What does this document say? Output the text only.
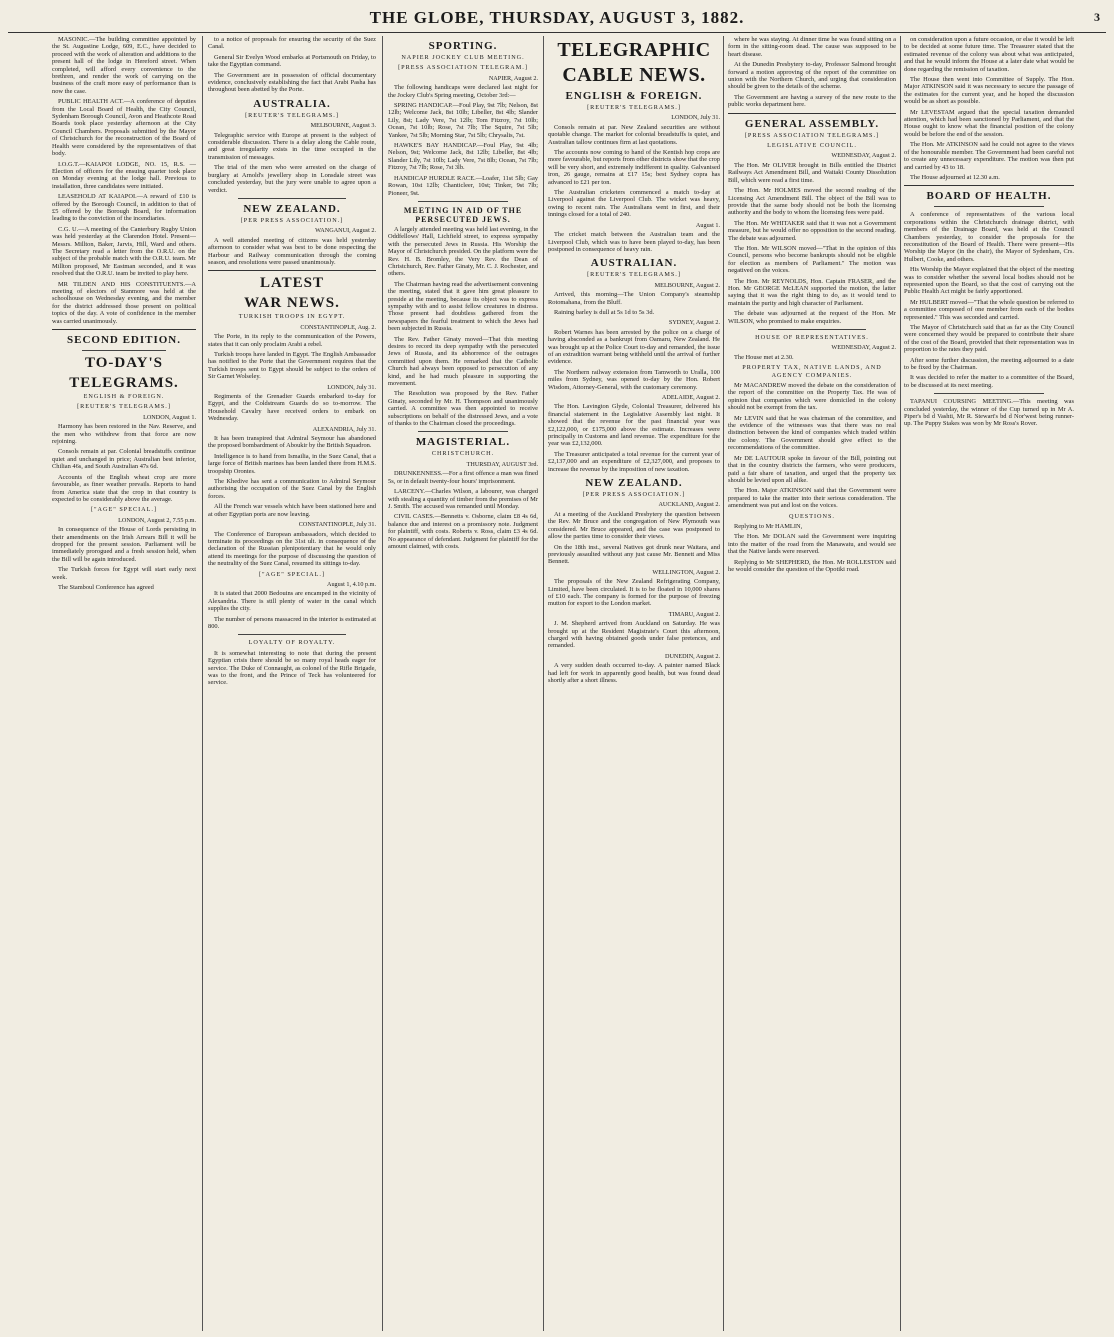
THE GLOBE, THURSDAY, AUGUST 3, 1882.	3

MASONIC.—The building committee appointed by the St. Augustine Lodge, 609, E.C., have decided to proceed with the work of alteration and additions to the present hall of the lodge in Hereford street. When completed, will afford every convenience to the brethren, and render the work of carrying on the business of the craft more easy of performance than is now the case.

PUBLIC HEALTH ACT.—A conference of deputies from the Local Board of Health, the City Council, Sydenham Borough Council, Avon and Heathcote Road Boards took place yesterday afternoon at the City Council Chambers. Proposals submitted by the Mayor of Christchurch for the reconstruction of the Board of Health were considered by the representatives of that body.

I.O.G.T.—KAIAPOI LODGE, NO. 15, R.S. — Election of officers for the ensuing quarter took place on Monday evening at the lodge hall. Previous to installation, three candidates were initiated.

LEASEHOLD AT KAIAPOI.—A reward of £10 is offered by the Borough Council, in addition to that of £5 offered by the Borough Board, for information leading to the conviction of the incendiaries.

C.G. U.—A meeting of the Canterbury Rugby Union was held yesterday at the Clarendon Hotel. Present—Messrs. Millton, Baker, Jarvis, Hill, Ward and others. The Secretary read a letter from the O.R.U. on the subject of the probable match with the O.R.U. team. Mr Millton proposed, Mr Eastman seconded, and it was resolved that the O.R.U. team be invited to play here.

MR TILDEN AND HIS CONSTITUENTS.—A meeting of electors of Stanmore was held at the schoolhouse on Wednesday evening, and the member for the district addressed those present on political topics of the day. A vote of confidence in the member was carried unanimously.

SECOND EDITION.
TO-DAY'S
TELEGRAMS.
ENGLISH & FOREIGN.
[REUTER'S TELEGRAMS.]
LONDON, August 1.

Harmony has been restored in the Nav. Reserve, and the men who withdrew from that force are now rejoining.

Consols remain at par. Colonial breadstuffs continue quiet and unchanged in price; Australian best inferior, Chilian 46s, and South Australian 47s 6d.

Accounts of the English wheat crop are more favourable, as finer weather prevails. Reports to hand from America state that the crop in that country is expected to be considerably above the average.

["AGE" SPECIAL.]
LONDON, August 2, 7.55 p.m.

In consequence of the House of Lords persisting in their amendments on the Irish Arrears Bill it will be dropped for the present session. Parliament will be immediately prorogued and a fresh session held, when the Bill will be again introduced.

The Turkish forces for Egypt will start early next week.

The Stamboul Conference has agreed

to a notice of proposals for ensuring the security of the Suez Canal.

General Sir Evelyn Wood embarks at Portsmouth on Friday, to take the Egyptian command.

The Government are in possession of official documentary evidence, conclusively establishing the fact that Arabi Pasha has throughout been abetted by the Porte.

AUSTRALIA.
[REUTER'S TELEGRAMS.]
MELBOURNE, August 3.

Telegraphic service with Europe at present is the subject of considerable discussion. There is a delay along the Cable route, and great irregularity exists in the time occupied in the transmission of messages.

The trial of the men who were arrested on the charge of burglary at Arnold's jewellery shop in Lonsdale street was concluded yesterday, but the jury were unable to agree upon a verdict.

NEW ZEALAND.
[PER PRESS ASSOCIATION.]
WANGANUI, August 2.

A well attended meeting of citizens was held yesterday afternoon to consider what was best to be done respecting the Harbour and Railway communication through the coming season, and resolutions were passed unanimously.

LATEST
WAR NEWS.
TURKISH TROOPS IN EGYPT.
CONSTANTINOPLE, Aug. 2.

The Porte, in its reply to the communication of the Powers, states that it can only proclaim Arabi a rebel.

Turkish troops have landed in Egypt. The English Ambassador has notified to the Porte that the Government requires that the Turkish troops sent to Egypt should be subject to the orders of Sir Garnet Wolseley.

LONDON, July 31.

Regiments of the Grenadier Guards embarked to-day for Egypt, and the Coldstream Guards do so to-morrow. The Household Cavalry have received orders to embark on Wednesday.

ALEXANDRIA, July 31.

It has been transpired that Admiral Seymour has abandoned the proposed bombardment of Aboukir by the British Squadron.

Intelligence is to hand from Ismailia, in the Suez Canal, that a large force of British marines has been landed there from H.M.S. troopship Orontes.

The Khedive has sent a communication to Admiral Seymour authorising the occupation of the Suez Canal by the English forces.

All the French war vessels which have been stationed here and at other Egyptian ports are now leaving.

CONSTANTINOPLE, July 31.

The Conference of European ambassadors, which decided to terminate its proceedings on the 31st ult. in consequence of the declaration of the Russian plenipotentiary that he would only attend its meetings for the purpose of discussing the question of the neutrality of the Suez Canal, resumed its sittings to-day.

["AGE" SPECIAL.]
August 1, 4.10 p.m.

It is stated that 2000 Bedouins are encamped in the vicinity of Alexandria. There is still plenty of water in the canal which supplies the city.

The number of persons massacred in the interior is estimated at 800.

LOYALTY OF ROYALTY.

It is somewhat interesting to note that during the present Egyptian crisis there should be so many royal heads eager for service. The Duke of Connaught, as colonel of the Rifle Brigade, was to the front, and the Prince of Teck has volunteered for service.

SPORTING.
NAPIER JOCKEY CLUB MEETING.
[PRESS ASSOCIATION TELEGRAM.]
NAPIER, August 2.

The following handicaps were declared last night for the Jockey Club's Spring meeting, October 3rd:—

SPRING HANDICAP.—Foul Play, 9st 7lb; Nelson, 8st 12lb; Welcome Jack, 8st 10lb; Libeller, 8st 4lb; Slander Lily, 8st; Lady Vere, 7st 12lb; Tom Fitzroy, 7st 10lb; Ocean, 7st 10lb; Rose, 7st 7lb; The Squire, 7st 5lb; Yankee, 7st 5lb; Morning Star, 7st 5lb; Chrysalis, 7st.

HAWKE'S BAY HANDICAP.—Foul Play, 9st 4lb; Nelson, 9st; Welcome Jack, 8st 12lb; Libeller, 8st 4lb; Slander Lily, 7st 10lb; Lady Vere, 7st 8lb; Ocean, 7st 7lb; Fitzroy, 7st 7lb; Rose, 7st 3lb.

HANDICAP HURDLE RACE.—Loafer, 11st 5lb; Gay Rowan, 10st 12lb; Chanticleer, 10st; Tinker, 9st 7lb; Pioneer, 9st.

MEETING IN AID OF THE PERSECUTED JEWS.

A largely attended meeting was held last evening, in the Oddfellows' Hall, Lichfield street, to express sympathy with the persecuted Jews in Russia. His Worship the Mayor of Christchurch presided. On the platform were the Rev. H. B. Bromley, the Very Rev. the Dean of Christchurch, Rev. Father Ginaty, Mr. C. J. Rochester, and others.

The Chairman having read the advertisement convening the meeting, stated that it gave him great pleasure to preside at the meeting, because its object was to express sympathy with and to assist fellow creatures in distress. Those present had doubtless gathered from the newspapers the fearful treatment to which the Jews had been subjected in Russia.

The Rev. Father Ginaty moved—That this meeting desires to record its deep sympathy with the persecuted Jews of Russia, and its abhorrence of the outrages committed upon them. He remarked that the Catholic Church had always been opposed to persecution of any kind, and he had much pleasure in supporting the movement.

The Resolution was proposed by the Rev. Father Ginaty, seconded by Mr. H. Thompson and unanimously carried. A committee was then appointed to receive subscriptions on behalf of the distressed Jews, and a vote of thanks to the Chairman closed the proceedings.

MAGISTERIAL.
CHRISTCHURCH.
THURSDAY, AUGUST 3rd.

DRUNKENNESS.—For a first offence a man was fined 5s, or in default twenty-four hours' imprisonment.

LARCENY.—Charles Wilson, a labourer, was charged with stealing a quantity of timber from the premises of Mr J. Smith. The accused was remanded until Monday.

CIVIL CASES.—Bennetts v. Osborne, claim £8 4s 6d, balance due and interest on a promissory note. Judgment for plaintiff, with costs. Roberts v. Ross, claim £3 4s 6d. No appearance of defendant. Judgment for plaintiff for the amount claimed, with costs.

TELEGRAPHIC
CABLE NEWS.
ENGLISH & FOREIGN.
[REUTER'S TELEGRAMS.]
LONDON, July 31.

Consols remain at par. New Zealand securities are without quotable change. The market for colonial breadstuffs is quiet, and Australian tallow continues firm at last quotations.

The accounts now coming to hand of the Kentish hop crops are more favourable, but reports from other districts show that the crop will be very short, and extremely indifferent in quality. Galvanised iron, 26 gauge, remains at £17 15s; best Sydney copra has advanced to £21 per ton.

The Australian cricketers commenced a match to-day at Liverpool against the Liverpool Club. The wicket was heavy, owing to recent rain. The Australians went in first, and their innings closed for a total of 240.

August 1.

The cricket match between the Australian team and the Liverpool Club, which was to have been played to-day, has been postponed in consequence of heavy rain.

AUSTRALIAN.
[REUTER'S TELEGRAMS.]
MELBOURNE, August 2.

Arrived, this morning—The Union Company's steamship Rotomahana, from the Bluff.

Raining barley is dull at 5s 1d to 5s 3d.

SYDNEY, August 2.

Robert Warnes has been arrested by the police on a charge of having absconded as a bankrupt from Oamaru, New Zealand. He was brought up at the Police Court to-day and remanded, the issue of an extradition warrant being withheld until the arrival of further evidence.

The Northern railway extension from Tamworth to Uralla, 100 miles from Sydney, was opened to-day by the Hon. Robert Wisdom, Attorney-General, with the customary ceremony.

ADELAIDE, August 2.

The Hon. Lavington Glyde, Colonial Treasurer, delivered his financial statement in the Legislative Assembly last night. It showed that the revenue for the past financial year was £2,122,000, or £175,000 above the estimate. Increases were principally in Customs and land revenue. The expenditure for the year was £2,132,000.

The Treasurer anticipated a total revenue for the current year of £2,137,000 and an expenditure of £2,327,000, and proposes to increase the revenue by the imposition of new taxation.

NEW ZEALAND.
[PER PRESS ASSOCIATION.]
AUCKLAND, August 2.

At a meeting of the Auckland Presbytery the question between the Rev. Mr Bruce and the congregation of New Plymouth was considered. Mr Bruce appeared, and the case was postponed to allow the parties time to consider their views.

On the 18th inst., several Natives got drunk near Waitara, and previously assaulted without any just cause Mr. Bennett and Miss Bennett.

WELLINGTON, August 2.

The proposals of the New Zealand Refrigerating Company, Limited, have been circulated. It is to be floated in 10,000 shares of £10 each. The company is formed for the purpose of freezing mutton for export to the London market.

TIMARU, August 2.

J. M. Shepherd arrived from Auckland on Saturday. He was brought up at the Resident Magistrate's Court this afternoon, charged with having obtained goods under false pretences, and remanded.

DUNEDIN, August 2.

A very sudden death occurred to-day. A painter named Black had left for work in apparently good health, but was found dead shortly after a short illness.

where he was staying. At dinner time he was found sitting on a form in the sitting-room dead. The cause was supposed to be heart disease.

At the Dunedin Presbytery to-day, Professor Salmond brought forward a motion approving of the report of the committee on union with the Northern Church, and urging that consideration should be given to the details of the scheme.

The Government are having a survey of the new route to the public works department here.

GENERAL ASSEMBLY.
[PRESS ASSOCIATION TELEGRAMS.]
LEGISLATIVE COUNCIL.
WEDNESDAY, August 2.

The Hon. Mr OLIVER brought in Bills entitled the District Railways Act Amendment Bill, and Waitaki County Dissolution Bill, which were read a first time.

The Hon. Mr HOLMES moved the second reading of the Licensing Act Amendment Bill. The object of the Bill was to provide that the same body should not be both the licensing authority and the body to whom the licensing fees were paid.

The Hon. Mr WHITAKER said that it was not a Government measure, but he would offer no opposition to the second reading. The debate was adjourned.

The Hon. Mr WILSON moved—"That in the opinion of this Council, persons who become bankrupts should not be eligible for election as members of Parliament." The motion was negatived on the voices.

The Hon. Mr REYNOLDS, Hon. Captain FRASER, and the Hon. Mr GEORGE McLEAN supported the motion, the latter saying that it was the right thing to do, as it would tend to maintain the purity and high character of Parliament.

The debate was adjourned at the request of the Hon. Mr WILSON, who promised to make enquiries.

HOUSE OF REPRESENTATIVES.
WEDNESDAY, August 2.

The House met at 2.30.

PROPERTY TAX, NATIVE LANDS, AND AGENCY COMPANIES.

Mr MACANDREW moved the debate on the consideration of the report of the committee on the Property Tax. He was of opinion that companies which were domiciled in the colony should not be exempt from the tax.

Mr LEVIN said that he was chairman of the committee, and the evidence of the witnesses was that there was no real distinction between the kind of companies which traded within the colony. The Government should give effect to the recommendations of the committee.

Mr DE LAUTOUR spoke in favour of the Bill, pointing out that in the country districts the farmers, who were producers, paid a fair share of taxation, and urged that the property tax should be levied upon all alike.

The Hon. Major ATKINSON said that the Government were prepared to take the matter into their serious consideration. The amendment was put and lost on the voices.

QUESTIONS.

Replying to Mr HAMLIN,

The Hon. Mr DOLAN said the Government were inquiring into the matter of the road from the Manawatu, and would see that the Native lands were reserved.

Replying to Mr SHEPHERD, the Hon. Mr ROLLESTON said he would consider the question of the Opotiki road.

on consideration upon a future occasion, or else it would be left to be decided at some future time. The Treasurer stated that the estimated revenue of the colony was about what was anticipated, and that he would inform the House at a later date what would be done regarding the remission of taxation.

The House then went into Committee of Supply. The Hon. Major ATKINSON said it was necessary to secure the passage of the estimates for the current year, and he hoped the discussion would be as short as possible.

Mr LEVESTAM argued that the special taxation demanded attention, which had been sanctioned by Parliament, and that the House ought to know what the financial position of the colony would be before the end of the session.

The Hon. Mr ATKINSON said he could not agree to the views of the honourable member. The Government had been careful not to create any unnecessary expenditure. The motion was then put and carried by 43 to 18.

The House adjourned at 12.30 a.m.

BOARD OF HEALTH.

A conference of representatives of the various local corporations within the Christchurch drainage district, with members of the Drainage Board, was held at the Council Chambers yesterday, to consider the proposals for the reconstitution of the Board of Health. There were present—His Worship the Mayor (in the chair), the Mayor of Sydenham, Crs. Hulbert, Cooke, and others.

His Worship the Mayor explained that the object of the meeting was to consider whether the several local bodies should not be represented upon the Board, so that the cost of carrying out the Public Health Act might be fairly apportioned.

Mr HULBERT moved—"That the whole question be referred to a committee composed of one member from each of the bodies represented." This was seconded and carried.

The Mayor of Christchurch said that as far as the City Council were concerned they would be prepared to contribute their share of the cost of the Board, provided that their representation was in proportion to the rates they paid.

After some further discussion, the meeting adjourned to a date to be fixed by the Chairman.

It was decided to refer the matter to a committee of the Board, to be discussed at its next meeting.

TAPANUI COURSING MEETING.—This meeting was concluded yesterday, the winner of the Cup turned up in Mr A. Piper's bd d Vashti, Mr R. Stewart's bd d Nor'west being runner-up. The Puppy Stakes was won by Mr Ross's Rover.
